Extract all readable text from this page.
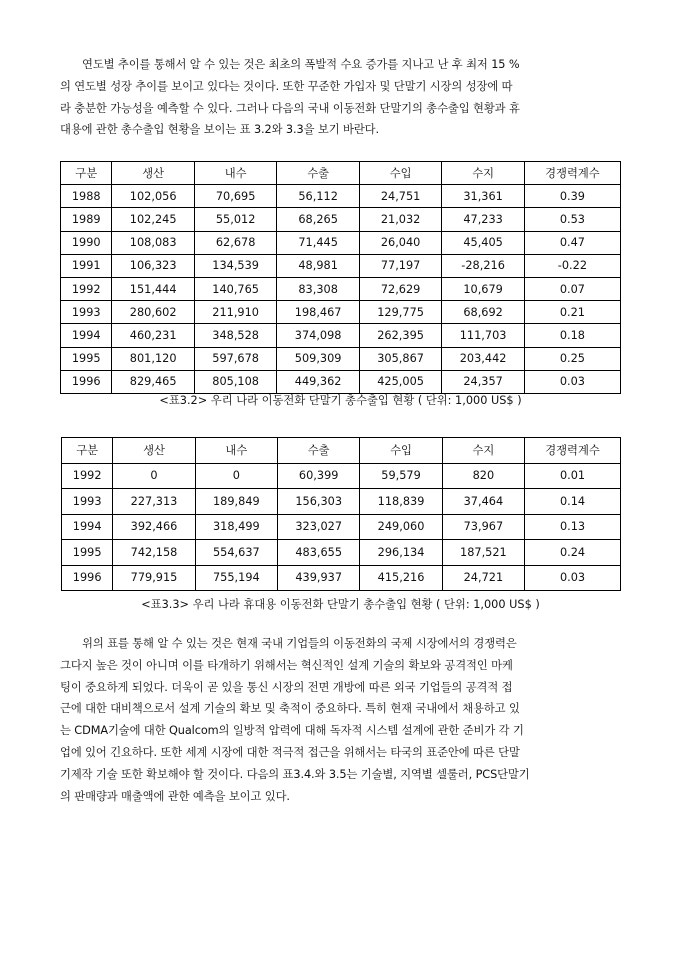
연도별 추이를 통해서 알 수 있는 것은 최초의 폭발적 수요 증가를 지나고 난 후 최저 15 %
의 연도별 성장 추이를 보이고 있다는 것이다. 또한 꾸준한 가입자 및 단말기 시장의 성장에 따
라 충분한 가능성을 예측할 수 있다. 그러나 다음의 국내 이동전화 단말기의 총수출입 현황과 휴
대용에 관한 총수출입 현황을 보이는 표 3.2와 3.3을 보기 바란다.

구분	생산	내수	수출	수입	수지	경쟁력계수
1988	102,056	70,695	56,112	24,751	31,361	0.39
1989	102,245	55,012	68,265	21,032	47,233	0.53
1990	108,083	62,678	71,445	26,040	45,405	0.47
1991	106,323	134,539	48,981	77,197	-28,216	-0.22
1992	151,444	140,765	83,308	72,629	10,679	0.07
1993	280,602	211,910	198,467	129,775	68,692	0.21
1994	460,231	348,528	374,098	262,395	111,703	0.18
1995	801,120	597,678	509,309	305,867	203,442	0.25
1996	829,465	805,108	449,362	425,005	24,357	0.03

<표3.2> 우리 나라 이동전화 단말기 총수출입 현황 ( 단위: 1,000 US$ )

구분	생산	내수	수출	수입	수지	경쟁력계수
1992	0	0	60,399	59,579	820	0.01
1993	227,313	189,849	156,303	118,839	37,464	0.14
1994	392,466	318,499	323,027	249,060	73,967	0.13
1995	742,158	554,637	483,655	296,134	187,521	0.24
1996	779,915	755,194	439,937	415,216	24,721	0.03

<표3.3> 우리 나라 휴대용 이동전화 단말기 총수출입 현황 ( 단위: 1,000 US$ )

위의 표를 통해 알 수 있는 것은 현재 국내 기업들의 이동전화의 국제 시장에서의 경쟁력은
그다지 높은 것이 아니며 이를 타개하기 위해서는 혁신적인 설계 기술의 확보와 공격적인 마케
팅이 중요하게 되었다. 더욱이 곧 있을 통신 시장의 전면 개방에 따른 외국 기업들의 공격적 접
근에 대한 대비책으로서 설계 기술의 확보 및 축적이 중요하다. 특히 현재 국내에서 채용하고 있
는 CDMA기술에 대한 Qualcom의 일방적 압력에 대해 독자적 시스템 설계에 관한 준비가 각 기
업에 있어 긴요하다. 또한 세계 시장에 대한 적극적 접근을 위해서는 타국의 표준안에 따른 단말
기제작 기술 또한 확보해야 할 것이다. 다음의 표3.4.와 3.5는 기술별, 지역별 셀룰러, PCS단말기
의 판매량과 매출액에 관한 예측을 보이고 있다.
